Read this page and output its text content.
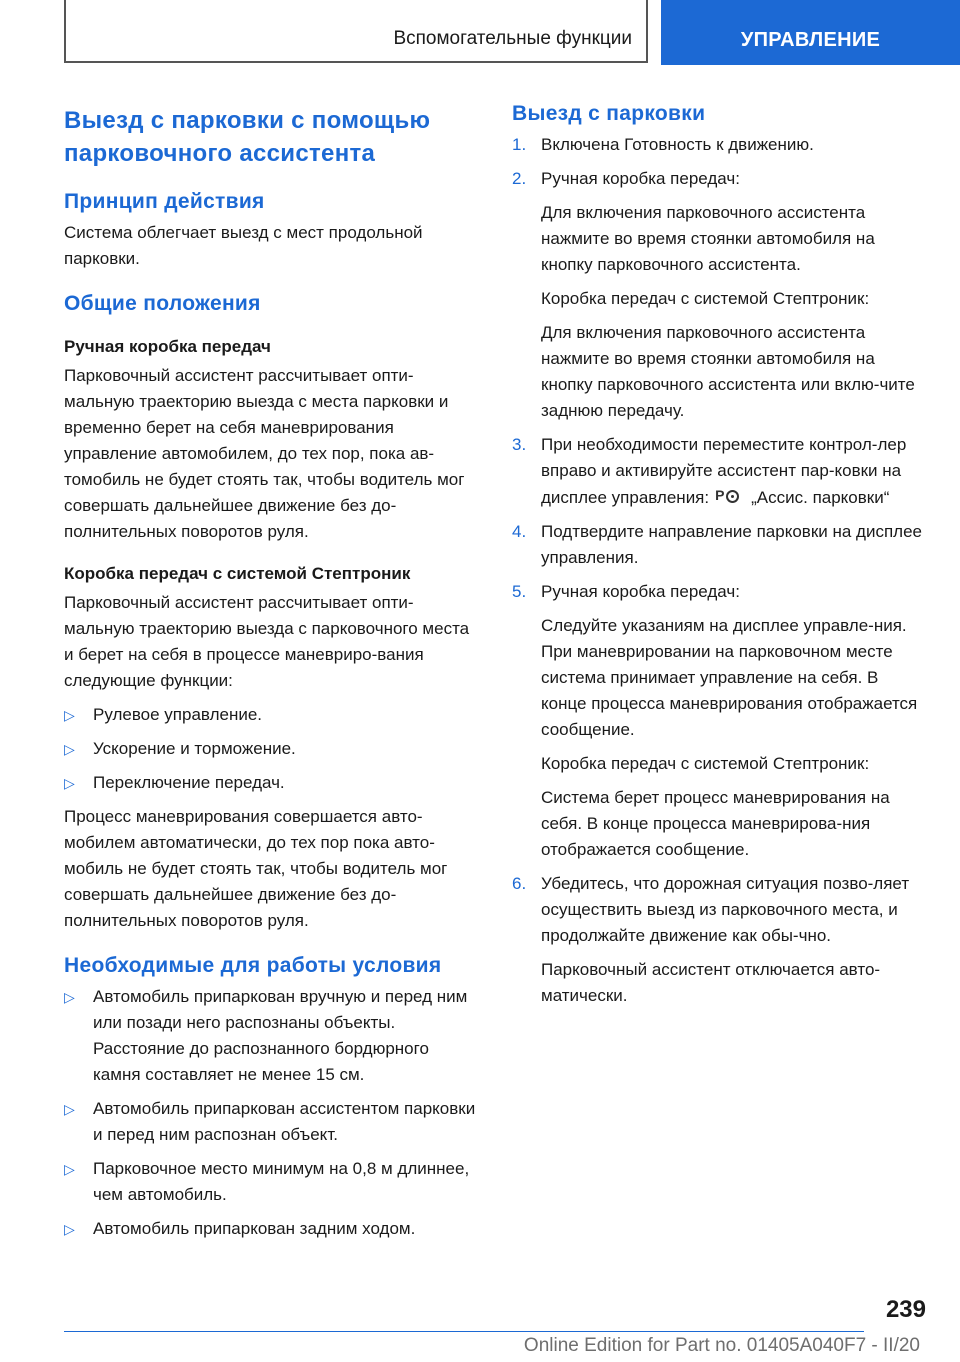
Вспомогательные функции	УПРАВЛЕНИЕ
Выезд с парковки с помощью парковочного ассистента
Принцип действия

Система облегчает выезд с мест продольной парковки.

Общие положения
Ручная коробка передач

Парковочный ассистент рассчитывает опти-мальную траекторию выезда с места парковки и временно берет на себя маневрирования управление автомобилем, до тех пор, пока ав-томобиль не будет стоять так, чтобы водитель мог совершать дальнейшее движение без до-полнительных поворотов руля.

Коробка передач с системой Стептроник

Парковочный ассистент рассчитывает опти-мальную траекторию выезда с парковочного места и берет на себя в процессе маневриро-вания следующие функции:

▷ Рулевое управление.
▷ Ускорение и торможение.
▷ Переключение передач.

Процесс маневрирования совершается авто-мобилем автоматически, до тех пор пока авто-мобиль не будет стоять так, чтобы водитель мог совершать дальнейшее движение без до-полнительных поворотов руля.

Необходимые для работы условия
▷ Автомобиль припаркован вручную и перед ним или позади него распознаны объекты. Расстояние до распознанного бордюрного камня составляет не менее 15 см.
▷ Автомобиль припаркован ассистентом парковки и перед ним распознан объект.
▷ Парковочное место минимум на 0,8 м длиннее, чем автомобиль.
▷ Автомобиль припаркован задним ходом.
Выезд с парковки
1. Включена Готовность к движению.
2. Ручная коробка передач:
Для включения парковочного ассистента нажмите во время стоянки автомобиля на кнопку парковочного ассистента.
Коробка передач с системой Стептроник:
Для включения парковочного ассистента нажмите во время стоянки автомобиля на кнопку парковочного ассистента или вклю-чите заднюю передачу.
3. При необходимости переместите контрол-лер вправо и активируйте ассистент пар-ковки на дисплее управления: P „Ассис. парковки“
4. Подтвердите направление парковки на дисплее управления.
5. Ручная коробка передач:
Следуйте указаниям на дисплее управле-ния. При маневрировании на парковочном месте система принимает управление на себя. В конце процесса маневрирования отображается сообщение.
Коробка передач с системой Стептроник:
Система берет процесс маневрирования на себя. В конце процесса маневрирова-ния отображается сообщение.
6. Убедитесь, что дорожная ситуация позво-ляет осуществить выезд из парковочного места, и продолжайте движение как обы-чно.
Парковочный ассистент отключается авто-матически.
239
Online Edition for Part no. 01405A040F7 - II/20
